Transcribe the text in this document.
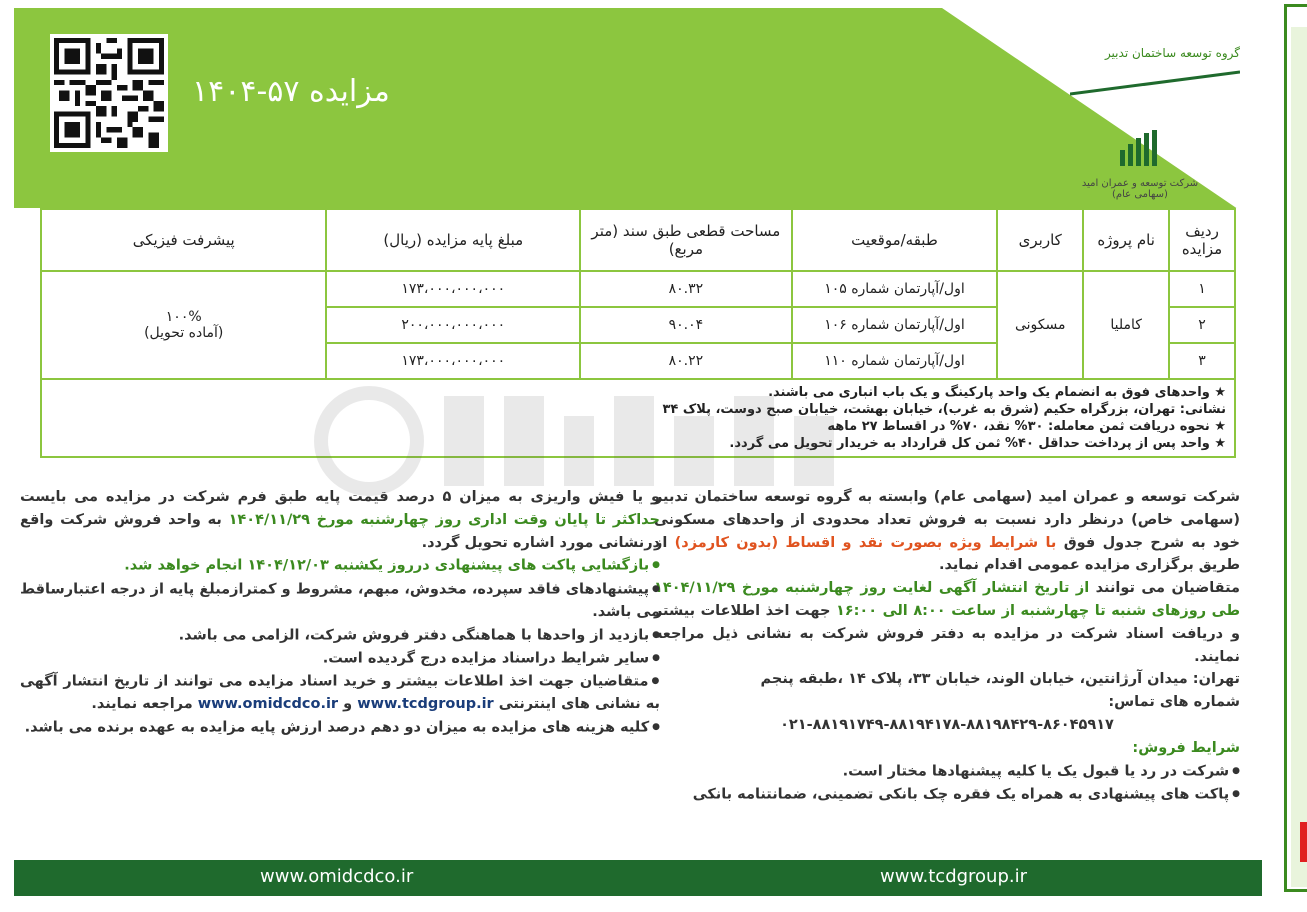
مزایده ۵۷-۱۴۰۴
گروه توسعه ساختمان تدبیر
شرکت توسعه و عمران امید
(سهامی عام)
ردیف مزایده	نام پروژه	کاربری	طبقه/موقعیت	مساحت قطعی طبق سند (متر مربع)	مبلغ پایه مزایده (ریال)	پیشرفت فیزیکی
۱	کاملیا	مسکونی	اول/آپارتمان شماره ۱۰۵	۸۰.۳۲	۱۷۳،۰۰۰،۰۰۰،۰۰۰	۱۰۰%
(آماده تحویل)

۲			اول/آپارتمان شماره ۱۰۶	۹۰.۰۴	۲۰۰،۰۰۰،۰۰۰،۰۰۰	
۳			اول/آپارتمان شماره ۱۱۰	۸۰.۲۲	۱۷۳،۰۰۰،۰۰۰،۰۰۰	

★ واحدهای فوق به انضمام یک واحد پارکینگ و یک باب انباری می باشند.
نشانی: تهران، بزرگراه حکیم (شرق به غرب)، خیابان بهشت، خیابان صبح دوست، پلاک ۳۴
★ نحوه دریافت ثمن معامله: ۳۰% نقد، ۷۰% در اقساط ۲۷ ماهه
★ واحد پس از پرداخت حداقل ۴۰% ثمن کل قرارداد به خریدار تحویل می گردد.						

شرکت توسعه و عمران امید (سهامی عام) وابسته به گروه توسعه ساختمان تدبیر (سهامی خاص) درنظر دارد نسبت به فروش تعداد محدودی از واحدهای مسکونی خود به شرح جدول فوق با شرایط ویژه بصورت نقد و اقساط (بدون کارمزد) از طریق برگزاری مزایده عمومی اقدام نماید.

متقاضیان می توانند از تاریخ انتشار آگهی لغایت روز چهارشنبه مورخ ۱۴۰۴/۱۱/۲۹ طی روزهای شنبه تا چهارشنبه از ساعت ۸:۰۰ الی ۱۶:۰۰ جهت اخذ اطلاعات بیشتر و دریافت اسناد شرکت در مزایده به دفتر فروش شرکت به نشانی ذیل مراجعه نمایند.

تهران: میدان آرژانتین، خیابان الوند، خیابان ۳۳، پلاک ۱۴ ،طبقه پنجم

شماره های تماس:

۰۲۱-۸۸۱۹۱۷۴۹-۸۸۱۹۴۱۷۸-۸۸۱۹۸۴۲۹-۸۶۰۴۵۹۱۷

شرایط فروش:

● شرکت در رد یا قبول یک یا کلیه پیشنهادها مختار است.

● پاکت های پیشنهادی به همراه یک فقره چک بانکی تضمینی، ضمانتنامه بانکی

و یا فیش واریزی به میزان ۵ درصد قیمت پایه طبق فرم شرکت در مزایده می بایست حداکثر تا پایان وقت اداری روز چهارشنبه مورخ ۱۴۰۴/۱۱/۲۹ به واحد فروش شرکت واقع درنشانی مورد اشاره تحویل گردد.

● بازگشایی پاکت های پیشنهادی درروز یکشنبه ۱۴۰۴/۱۲/۰۳ انجام خواهد شد.

● پیشنهادهای فاقد سپرده، مخدوش، مبهم، مشروط و کمترازمبلغ پایه از درجه اعتبارساقط می باشد.

● بازدید از واحدها با هماهنگی دفتر فروش شرکت، الزامی می باشد.

● سایر شرایط دراسناد مزایده درج گردیده است.

● متقاضیان جهت اخذ اطلاعات بیشتر و خرید اسناد مزایده می توانند از تاریخ انتشار آگهی به نشانی های اینترنتی www.tcdgroup.ir و www.omidcdco.ir مراجعه نمایند.

● کلیه هزینه های مزایده به میزان دو دهم درصد ارزش پایه مزایده به عهده برنده می باشد.

www.omidcdco.ir	www.tcdgroup.ir
